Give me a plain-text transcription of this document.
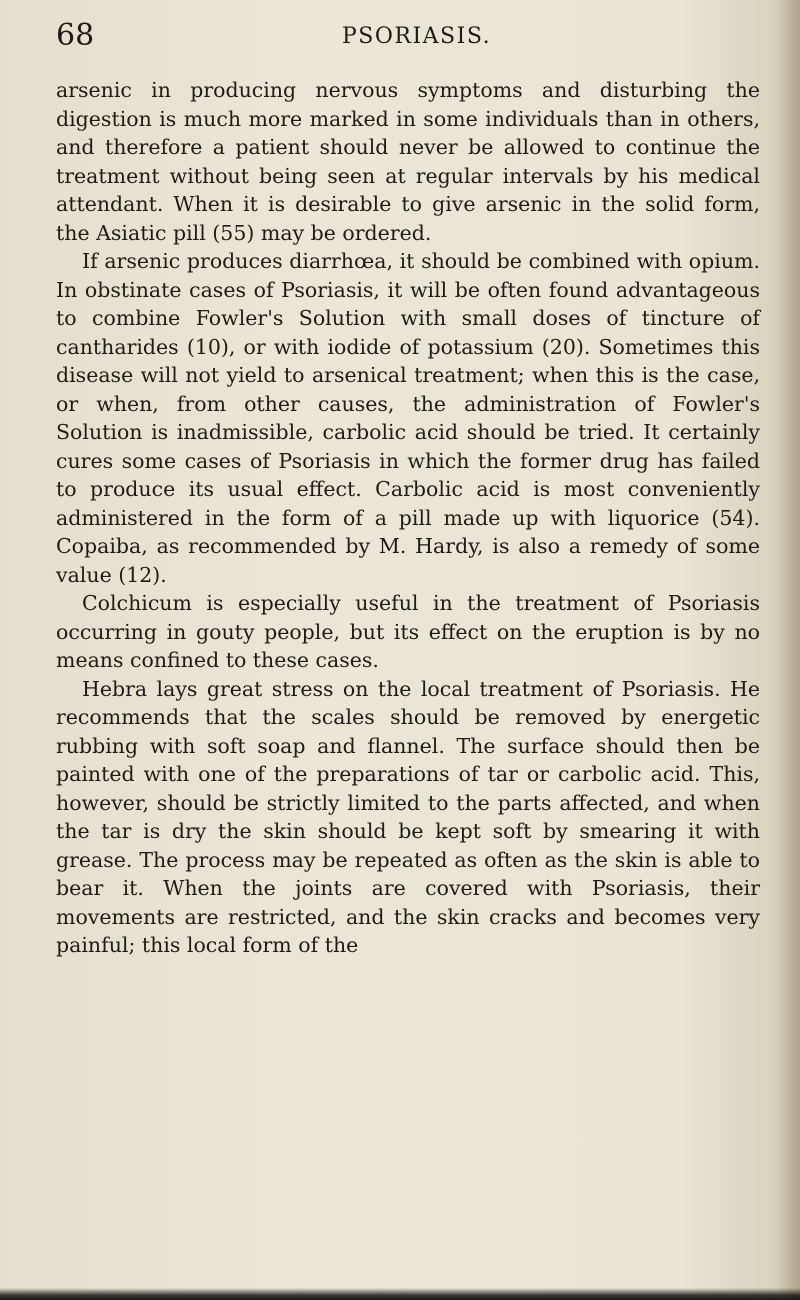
68	PSORIASIS.

arsenic in producing nervous symptoms and disturbing the digestion is much more marked in some individuals than in others, and therefore a patient should never be allowed to continue the treatment without being seen at regular intervals by his medical attendant. When it is desirable to give arsenic in the solid form, the Asiatic pill (55) may be ordered.

If arsenic produces diarrhœa, it should be combined with opium. In obstinate cases of Psoriasis, it will be often found advantageous to combine Fowler's Solution with small doses of tincture of cantharides (10), or with iodide of potassium (20). Sometimes this disease will not yield to arsenical treatment; when this is the case, or when, from other causes, the administration of Fowler's Solution is inadmissible, carbolic acid should be tried. It certainly cures some cases of Psoriasis in which the former drug has failed to produce its usual effect. Carbolic acid is most conveniently administered in the form of a pill made up with liquorice (54). Copaiba, as recommended by M. Hardy, is also a remedy of some value (12).

Colchicum is especially useful in the treatment of Psoriasis occurring in gouty people, but its effect on the eruption is by no means confined to these cases.

Hebra lays great stress on the local treatment of Psoriasis. He recommends that the scales should be removed by energetic rubbing with soft soap and flannel. The surface should then be painted with one of the preparations of tar or carbolic acid. This, however, should be strictly limited to the parts affected, and when the tar is dry the skin should be kept soft by smearing it with grease. The process may be repeated as often as the skin is able to bear it. When the joints are covered with Psoriasis, their movements are restricted, and the skin cracks and becomes very painful; this local form of the
